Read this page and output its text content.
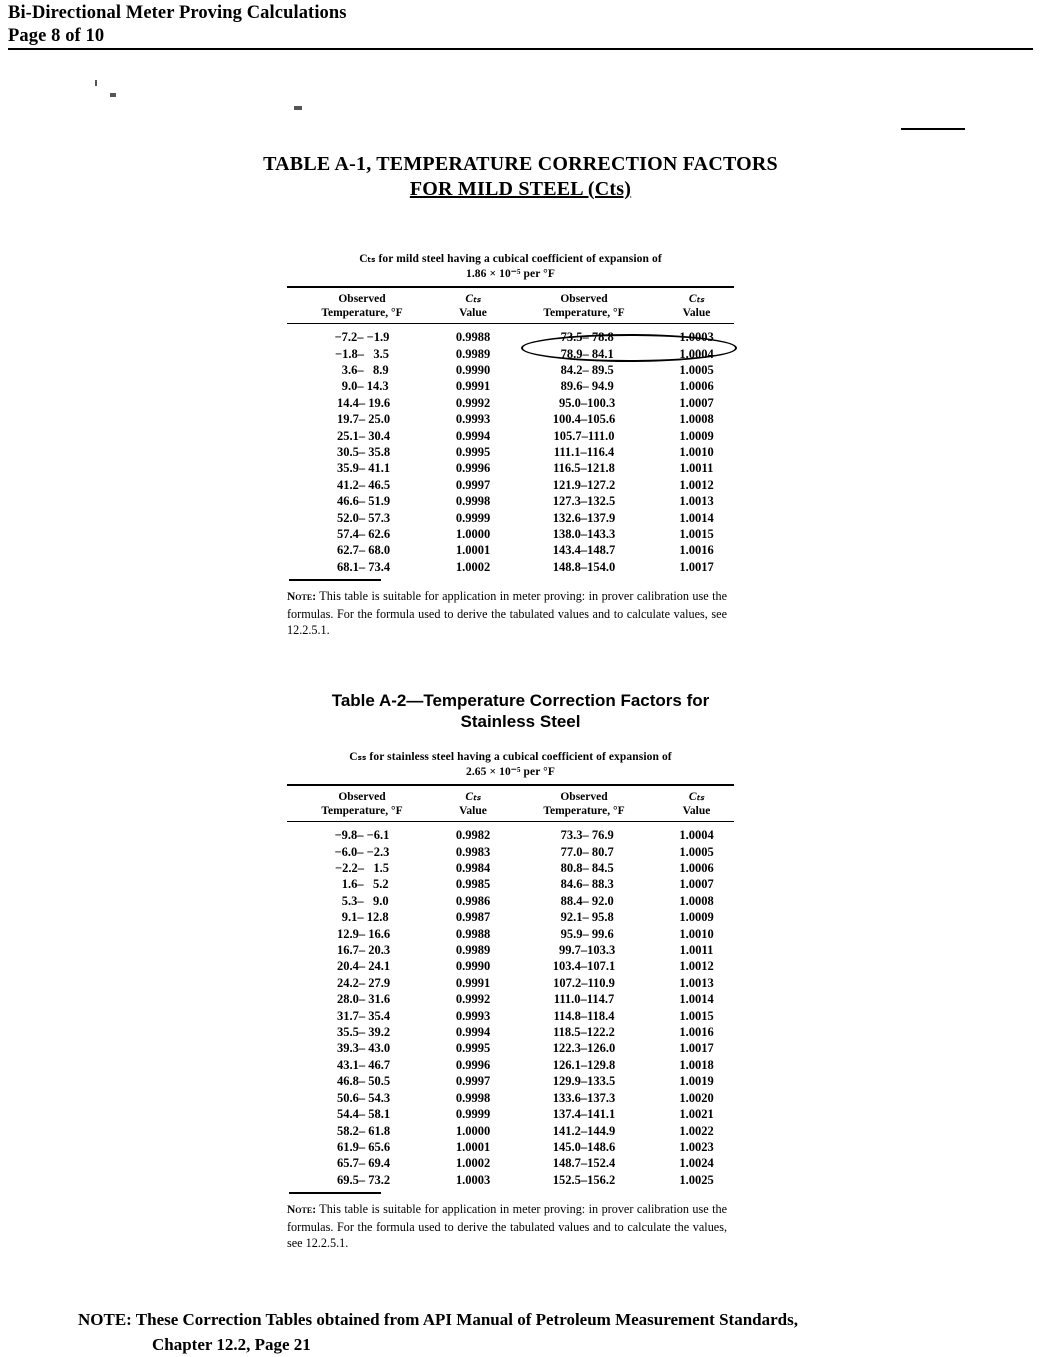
Bi-Directional Meter Proving Calculations
Page 8 of 10
TABLE A-1, TEMPERATURE CORRECTION FACTORS
FOR MILD STEEL (Cts)
Cₜₛ for mild steel having a cubical coefficient of expansion of
1.86 × 10⁻⁵ per °F
Observed
Temperature, °F
Cₜₛ
Value
Observed
Temperature, °F
Cₜₛ
Value
−7.2– −1.9	0.9988	73.5– 78.8	1.0003
−1.8–   3.5	0.9989	78.9– 84.1	1.0004
3.6–   8.9	0.9990	84.2– 89.5	1.0005
9.0– 14.3	0.9991	89.6– 94.9	1.0006
14.4– 19.6	0.9992	95.0–100.3	1.0007
19.7– 25.0	0.9993	100.4–105.6	1.0008
25.1– 30.4	0.9994	105.7–111.0	1.0009
30.5– 35.8	0.9995	111.1–116.4	1.0010
35.9– 41.1	0.9996	116.5–121.8	1.0011
41.2– 46.5	0.9997	121.9–127.2	1.0012
46.6– 51.9	0.9998	127.3–132.5	1.0013
52.0– 57.3	0.9999	132.6–137.9	1.0014
57.4– 62.6	1.0000	138.0–143.3	1.0015
62.7– 68.0	1.0001	143.4–148.7	1.0016
68.1– 73.4	1.0002	148.8–154.0	1.0017
Note: This table is suitable for application in meter proving: in prover calibration use the formulas. For the formula used to derive the tabulated values and to calculate values, see 12.2.5.1.
Table A-2—Temperature Correction Factors for
Stainless Steel
Cₛₛ for stainless steel having a cubical coefficient of expansion of
2.65 × 10⁻⁵ per °F
Observed
Temperature, °F
Cₜₛ
Value
Observed
Temperature, °F
Cₜₛ
Value
−9.8– −6.1	0.9982	73.3– 76.9	1.0004
−6.0– −2.3	0.9983	77.0– 80.7	1.0005
−2.2–   1.5	0.9984	80.8– 84.5	1.0006
1.6–   5.2	0.9985	84.6– 88.3	1.0007
5.3–   9.0	0.9986	88.4– 92.0	1.0008
9.1– 12.8	0.9987	92.1– 95.8	1.0009
12.9– 16.6	0.9988	95.9– 99.6	1.0010
16.7– 20.3	0.9989	99.7–103.3	1.0011
20.4– 24.1	0.9990	103.4–107.1	1.0012
24.2– 27.9	0.9991	107.2–110.9	1.0013
28.0– 31.6	0.9992	111.0–114.7	1.0014
31.7– 35.4	0.9993	114.8–118.4	1.0015
35.5– 39.2	0.9994	118.5–122.2	1.0016
39.3– 43.0	0.9995	122.3–126.0	1.0017
43.1– 46.7	0.9996	126.1–129.8	1.0018
46.8– 50.5	0.9997	129.9–133.5	1.0019
50.6– 54.3	0.9998	133.6–137.3	1.0020
54.4– 58.1	0.9999	137.4–141.1	1.0021
58.2– 61.8	1.0000	141.2–144.9	1.0022
61.9– 65.6	1.0001	145.0–148.6	1.0023
65.7– 69.4	1.0002	148.7–152.4	1.0024
69.5– 73.2	1.0003	152.5–156.2	1.0025
Note: This table is suitable for application in meter proving: in prover calibration use the formulas. For the formula used to derive the tabulated values and to calculate the values, see 12.2.5.1.
NOTE: These Correction Tables obtained from API Manual of Petroleum Measurement Standards,
Chapter 12.2, Page 21
